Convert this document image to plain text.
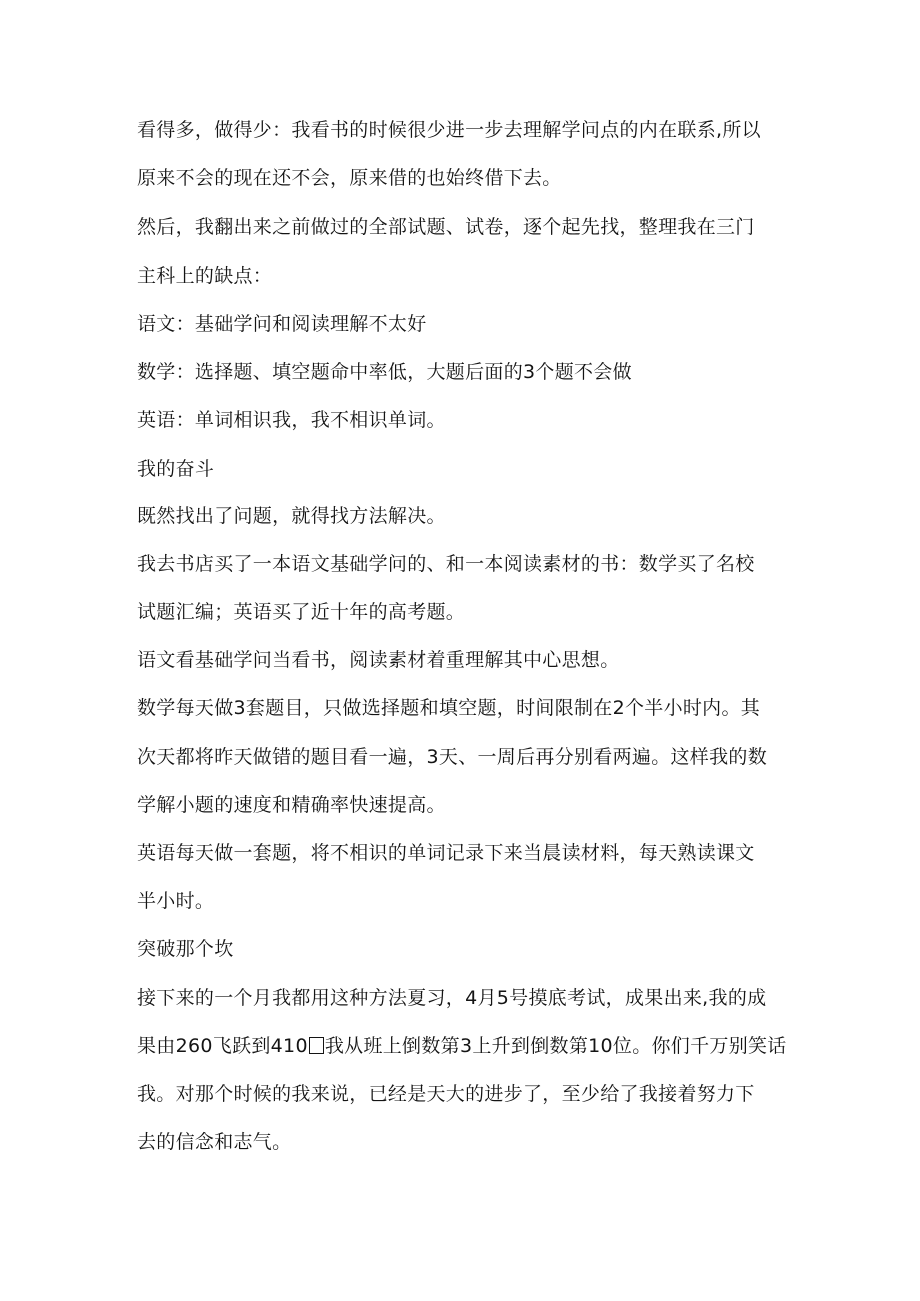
看得多，做得少：我看书的时候很少进一步去理解学问点的内在联系,所以
原来不会的现在还不会，原来借的也始终借下去。
然后，我翻出来之前做过的全部试题、试卷，逐个起先找，整理我在三门
主科上的缺点：
语文：基础学问和阅读理解不太好
数学：选择题、填空题命中率低，大题后面的3个题不会做
英语：单词相识我，我不相识单词。
我的奋斗
既然找出了问题，就得找方法解决。
我去书店买了一本语文基础学问的、和一本阅读素材的书：数学买了名校
试题汇编；英语买了近十年的高考题。
语文看基础学问当看书，阅读素材着重理解其中心思想。
数学每天做3套题目，只做选择题和填空题，时间限制在2个半小时内。其
次天都将昨天做错的题目看一遍，3天、一周后再分别看两遍。这样我的数
学解小题的速度和精确率快速提高。
英语每天做一套题，将不相识的单词记录下来当晨读材料，每天熟读课文
半小时。
突破那个坎
接下来的一个月我都用这种方法夏习，4月5号摸底考试，成果出来,我的成
果由260飞跃到410 我从班上倒数第3上升到倒数第10位。你们千万别笑话
我。对那个时候的我来说，已经是天大的进步了，至少给了我接着努力下
去的信念和志气。
